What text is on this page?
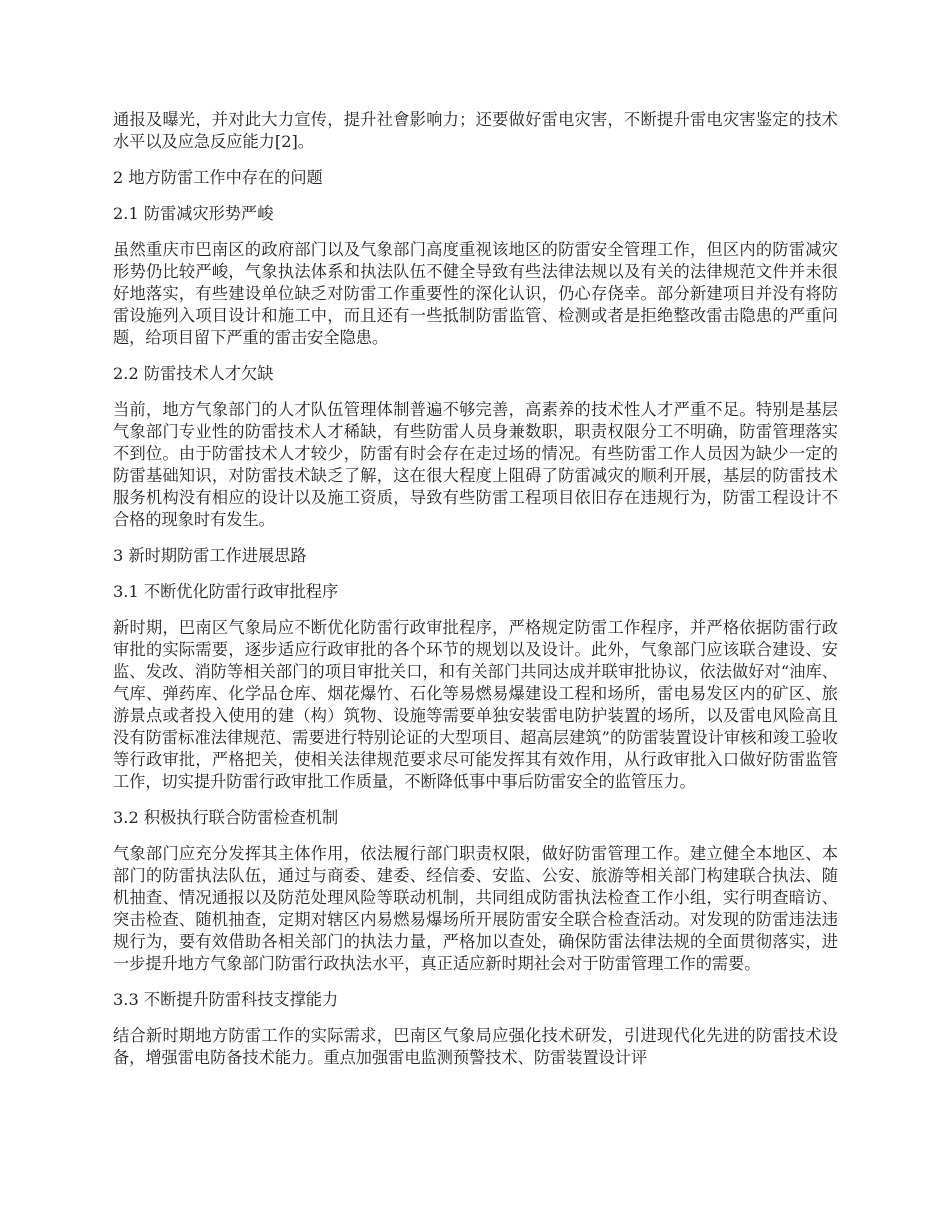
通报及曝光，并对此大力宣传，提升社會影响力；还要做好雷电灾害，不断提升雷电灾害鉴定的技术水平以及应急反应能力[2]。

2 地方防雷工作中存在的问题
2.1 防雷减灾形势严峻

虽然重庆市巴南区的政府部门以及气象部门高度重视该地区的防雷安全管理工作，但区内的防雷减灾形势仍比较严峻，气象执法体系和执法队伍不健全导致有些法律法规以及有关的法律规范文件并未很好地落实，有些建设单位缺乏对防雷工作重要性的深化认识，仍心存侥幸。部分新建项目并没有将防雷设施列入项目设计和施工中，而且还有一些抵制防雷监管、检测或者是拒绝整改雷击隐患的严重问题，给项目留下严重的雷击安全隐患。

2.2 防雷技术人才欠缺

当前，地方气象部门的人才队伍管理体制普遍不够完善，高素养的技术性人才严重不足。特别是基层气象部门专业性的防雷技术人才稀缺，有些防雷人员身兼数职，职责权限分工不明确，防雷管理落实不到位。由于防雷技术人才较少，防雷有时会存在走过场的情况。有些防雷工作人员因为缺少一定的防雷基础知识，对防雷技术缺乏了解，这在很大程度上阻碍了防雷减灾的顺利开展，基层的防雷技术服务机构没有相应的设计以及施工资质，导致有些防雷工程项目依旧存在违规行为，防雷工程设计不合格的现象时有发生。

3 新时期防雷工作进展思路
3.1 不断优化防雷行政审批程序

新时期，巴南区气象局应不断优化防雷行政审批程序，严格规定防雷工作程序，并严格依据防雷行政审批的实际需要，逐步适应行政审批的各个环节的规划以及设计。此外，气象部门应该联合建设、安监、发改、消防等相关部门的项目审批关口，和有关部门共同达成并联审批协议，依法做好对“油库、气库、弹药库、化学品仓库、烟花爆竹、石化等易燃易爆建设工程和场所，雷电易发区内的矿区、旅游景点或者投入使用的建（构）筑物、设施等需要单独安装雷电防护装置的场所，以及雷电风险高且没有防雷标准法律规范、需要进行特别论证的大型项目、超高层建筑”的防雷装置设计审核和竣工验收等行政审批，严格把关，使相关法律规范要求尽可能发挥其有效作用，从行政审批入口做好防雷监管工作，切实提升防雷行政审批工作质量，不断降低事中事后防雷安全的监管压力。

3.2 积极执行联合防雷检查机制

气象部门应充分发挥其主体作用，依法履行部门职责权限，做好防雷管理工作。建立健全本地区、本部门的防雷执法队伍，通过与商委、建委、经信委、安监、公安、旅游等相关部门构建联合执法、随机抽查、情况通报以及防范处理风险等联动机制，共同组成防雷执法检查工作小组，实行明查暗访、突击检查、随机抽查，定期对辖区内易燃易爆场所开展防雷安全联合检查活动。对发现的防雷违法违规行为，要有效借助各相关部门的执法力量，严格加以查处，确保防雷法律法规的全面贯彻落实，进一步提升地方气象部门防雷行政执法水平，真正适应新时期社会对于防雷管理工作的需要。

3.3 不断提升防雷科技支撑能力

结合新时期地方防雷工作的实际需求，巴南区气象局应强化技术研发，引进现代化先进的防雷技术设备，增强雷电防备技术能力。重点加强雷电监测预警技术、防雷装置设计评
